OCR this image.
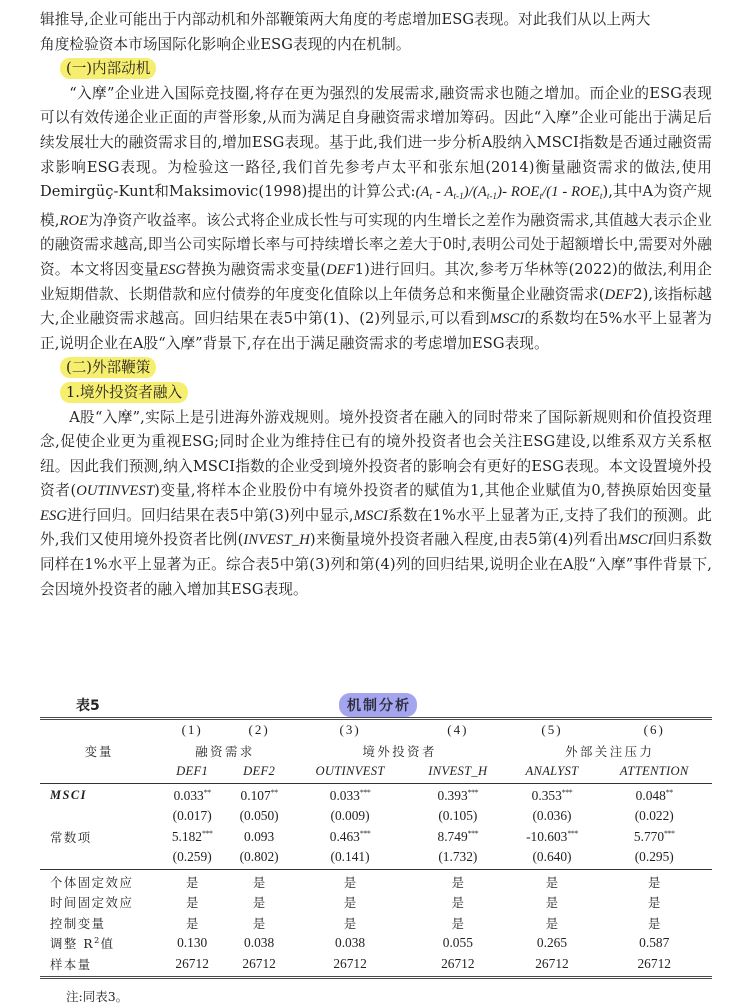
辑推导,企业可能出于内部动机和外部鞭策两大角度的考虑增加ESG表现。对此我们从以上两大
角度检验资本市场国际化影响企业ESG表现的内在机制。

(一)内部动机

“入摩”企业进入国际竞技圈,将存在更为强烈的发展需求,融资需求也随之增加。而企业的ESG表现可以有效传递企业正面的声誉形象,从而为满足自身融资需求增加筹码。因此“入摩”企业可能出于满足后续发展壮大的融资需求目的,增加ESG表现。基于此,我们进一步分析A股纳入MSCI指数是否通过融资需求影响ESG表现。为检验这一路径,我们首先参考卢太平和张东旭(2014)衡量融资需求的做法,使用Demirgüç-Kunt和Maksimovic(1998)提出的计算公式$:(A_t - A_{t-1})/(A_{t-1})-$ $ROE_t/(1 - ROE_t)$,其中A为资产规模,ROE为净资产收益率。该公式将企业成长性与可实现的内生增长之差作为融资需求,其值越大表示企业的融资需求越高,即当公司实际增长率与可持续增长率之差大于0时,表明公司处于超额增长中,需要对外融资。本文将因变量ESG替换为融资需求变量(DEF1)进行回归。其次,参考万华林等(2022)的做法,利用企业短期借款、长期借款和应付债券的年度变化值除以上年债务总和来衡量企业融资需求(DEF2),该指标越大,企业融资需求越高。回归结果在表5中第(1)、(2)列显示,可以看到MSCI的系数均在5%水平上显著为正,说明企业在A股“入摩”背景下,存在出于满足融资需求的考虑增加ESG表现。

(二)外部鞭策

1.境外投资者融入

A股“入摩”,实际上是引进海外游戏规则。境外投资者在融入的同时带来了国际新规则和价值投资理念,促使企业更为重视ESG;同时企业为维持住已有的境外投资者也会关注ESG建设,以维系双方关系枢纽。因此我们预测,纳入MSCI指数的企业受到境外投资者的影响会有更好的ESG表现。本文设置境外投资者(OUTINVEST)变量,将样本企业股份中有境外投资者的赋值为1,其他企业赋值为0,替换原始因变量ESG进行回归。回归结果在表5中第(3)列中显示,MSCI系数在1%水平上显著为正,支持了我们的预测。此外,我们又使用境外投资者比例(INVEST_H)来衡量境外投资者融入程度,由表5第(4)列看出MSCI回归系数同样在1%水平上显著为正。综合表5中第(3)列和第(4)列的回归结果,说明企业在A股“入摩”事件背景下,会因境外投资者的融入增加其ESG表现。

表5	机制分析
	(1)	(2)	(3)	(4)	(5)	(6)
变量	融资需求		境外投资者		外部关注压力	
	DEF1	DEF2	OUTINVEST	INVEST_H	ANALYST	ATTENTION

MSCI	0.033**	0.107**	0.033***	0.393***	0.353***	0.048**
	(0.017)	(0.050)	(0.009)	(0.105)	(0.036)	(0.022)
常数项	5.182***	0.093	0.463***	8.749***	-10.603***	5.770***
	(0.259)	(0.802)	(0.141)	(1.732)	(0.640)	(0.295)

个体固定效应	是	是	是	是	是	是
时间固定效应	是	是	是	是	是	是
控制变量	是	是	是	是	是	是
调整 $R^2$值	0.130	0.038	0.038	0.055	0.265	0.587
样本量	26712	26712	26712	26712	26712	26712
注:同表3。
